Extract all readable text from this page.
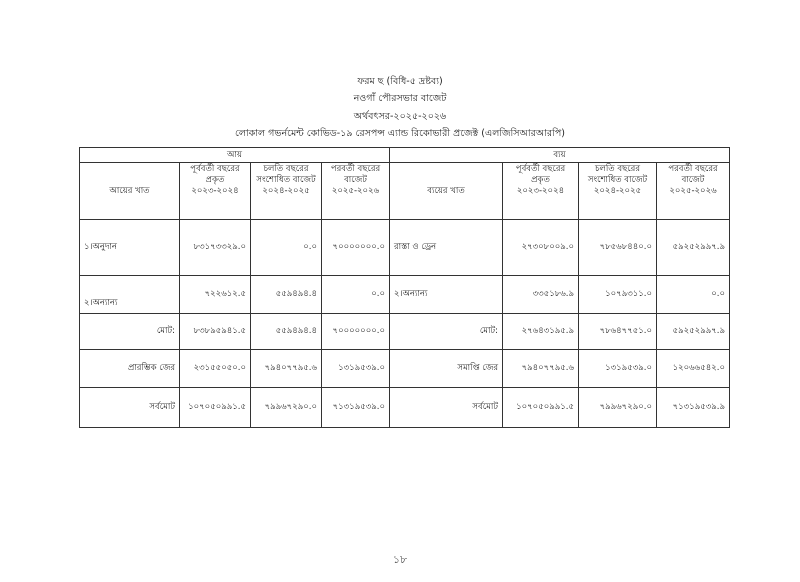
ফরম ছ (বিধি-৫ দ্রষ্টব্য)
নওগাঁ পৌরসভার বাজেট
অর্থবৎসর-২০২৫-২০২৬
লোকাল গভর্নমেন্ট কোভিড-১৯ রেসপন্স এ্যান্ড রিকোভারী প্রজেক্ট (এলজিসিআরআরপি)
আয়				ব্যয়			
আয়ের খাত	পূর্ববর্তী বছরের প্রকৃত ২০২৩-২০২৪	চলতি বছরের সংশোধিত বাজেট ২০২৪-২০২৫	পরবর্তী বছরের বাজেট ২০২৫-২০২৬	ব্যয়ের খাত	পূর্ববর্তী বছরের প্রকৃত ২০২৩-২০২৪	চলতি বছরের সংশোধিত বাজেট ২০২৪-২০২৫	পরবর্তী বছরের বাজেট ২০২৫-২০২৬
১।অনুদান	৮৩১৭৩৩২৯.০	০.০	৭০০০০০০০.০	রাস্তা ও ড্রেন	২৭৩০৮০০৯.০	৭৮৫৬৮৪৪০.০	৫৯২৫২৯৯৭.৯
২।অন্যান্য	৭২২৬১২.৫	৫৫৯৪৯৪.৪	০.০	২।অন্যান্য	৩৩৫১৮৬.৯	১০৭৯৩১১.০	০.০
মোট:	৮৩৮৯৫৯৪১.৫	৫৫৯৪৯৪.৪	৭০০০০০০০.০	মোট:	২৭৬৪৩১৯৫.৯	৭৮৬৪৭৭৫১.০	৫৯২৫২৯৯৭.৯
প্রারম্ভিক জের	২৩১৫৫০৫০.০	৭৯৪০৭৭৯৫.৬	১৩১৯৫৩৯.০	সমাপ্তি জের	৭৯৪০৭৭৯৫.৬	১৩১৯৫৩৯.০	১২০৬৬৫৪২.০
সর্বমোট	১০৭০৫০৯৯১.৫	৭৯৯৬৭২৯০.০	৭১৩১৯৫৩৯.০	সর্বমোট	১০৭০৫০৯৯১.৫	৭৯৯৬৭২৯০.০	৭১৩১৯৫৩৯.৯
১৮
